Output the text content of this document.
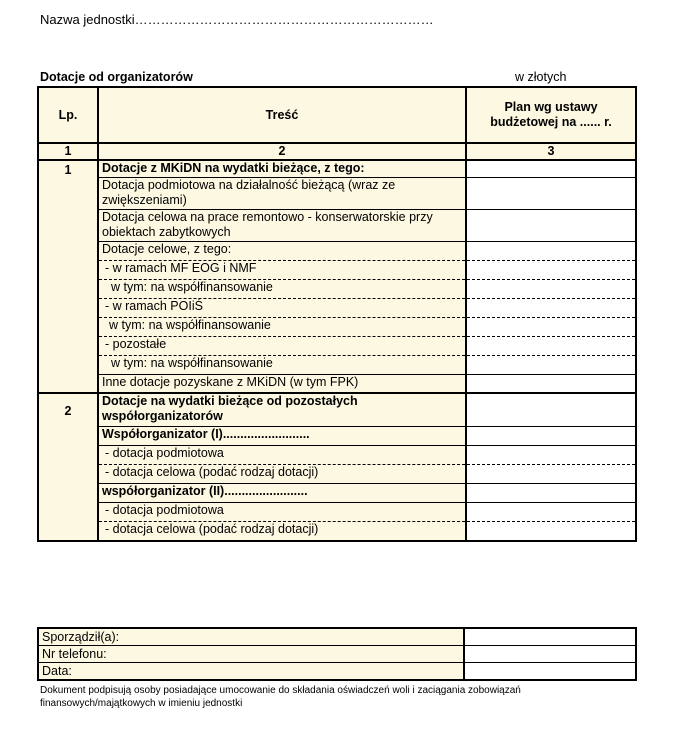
Nazwa jednostki……………………………………………………………
Dotacje od organizatorów	w złotych
Lp.	Treść	Plan wg ustawy budżetowej na ...... r.
1	2	3
1	Dotacje z MKiDN na wydatki bieżące, z tego:	
	Dotacja podmiotowa na działalność bieżącą (wraz ze zwiększeniami)	
	Dotacja celowa na prace remontowo - konserwatorskie przy obiektach zabytkowych	
	Dotacje celowe, z tego:	
	- w ramach MF EOG i NMF	
	w tym: na współfinansowanie	
	- w ramach POIiŚ	
	w tym: na współfinansowanie	
	- pozostałe	
	w tym: na współfinansowanie	
	Inne dotacje pozyskane z MKiDN (w tym FPK)	
2	Dotacje na wydatki bieżące od pozostałych współorganizatorów	
	Współorganizator (I).........................	
	- dotacja podmiotowa	
	- dotacja celowa (podać rodzaj dotacji)	
	współorganizator (II)........................	
	- dotacja podmiotowa	
	- dotacja celowa (podać rodzaj dotacji)	
Sporządził(a):	
Nr telefonu:	
Data:	
Dokument podpisują osoby posiadające umocowanie do składania oświadczeń woli i zaciągania zobowiązań finansowych/majątkowych w imieniu jednostki
